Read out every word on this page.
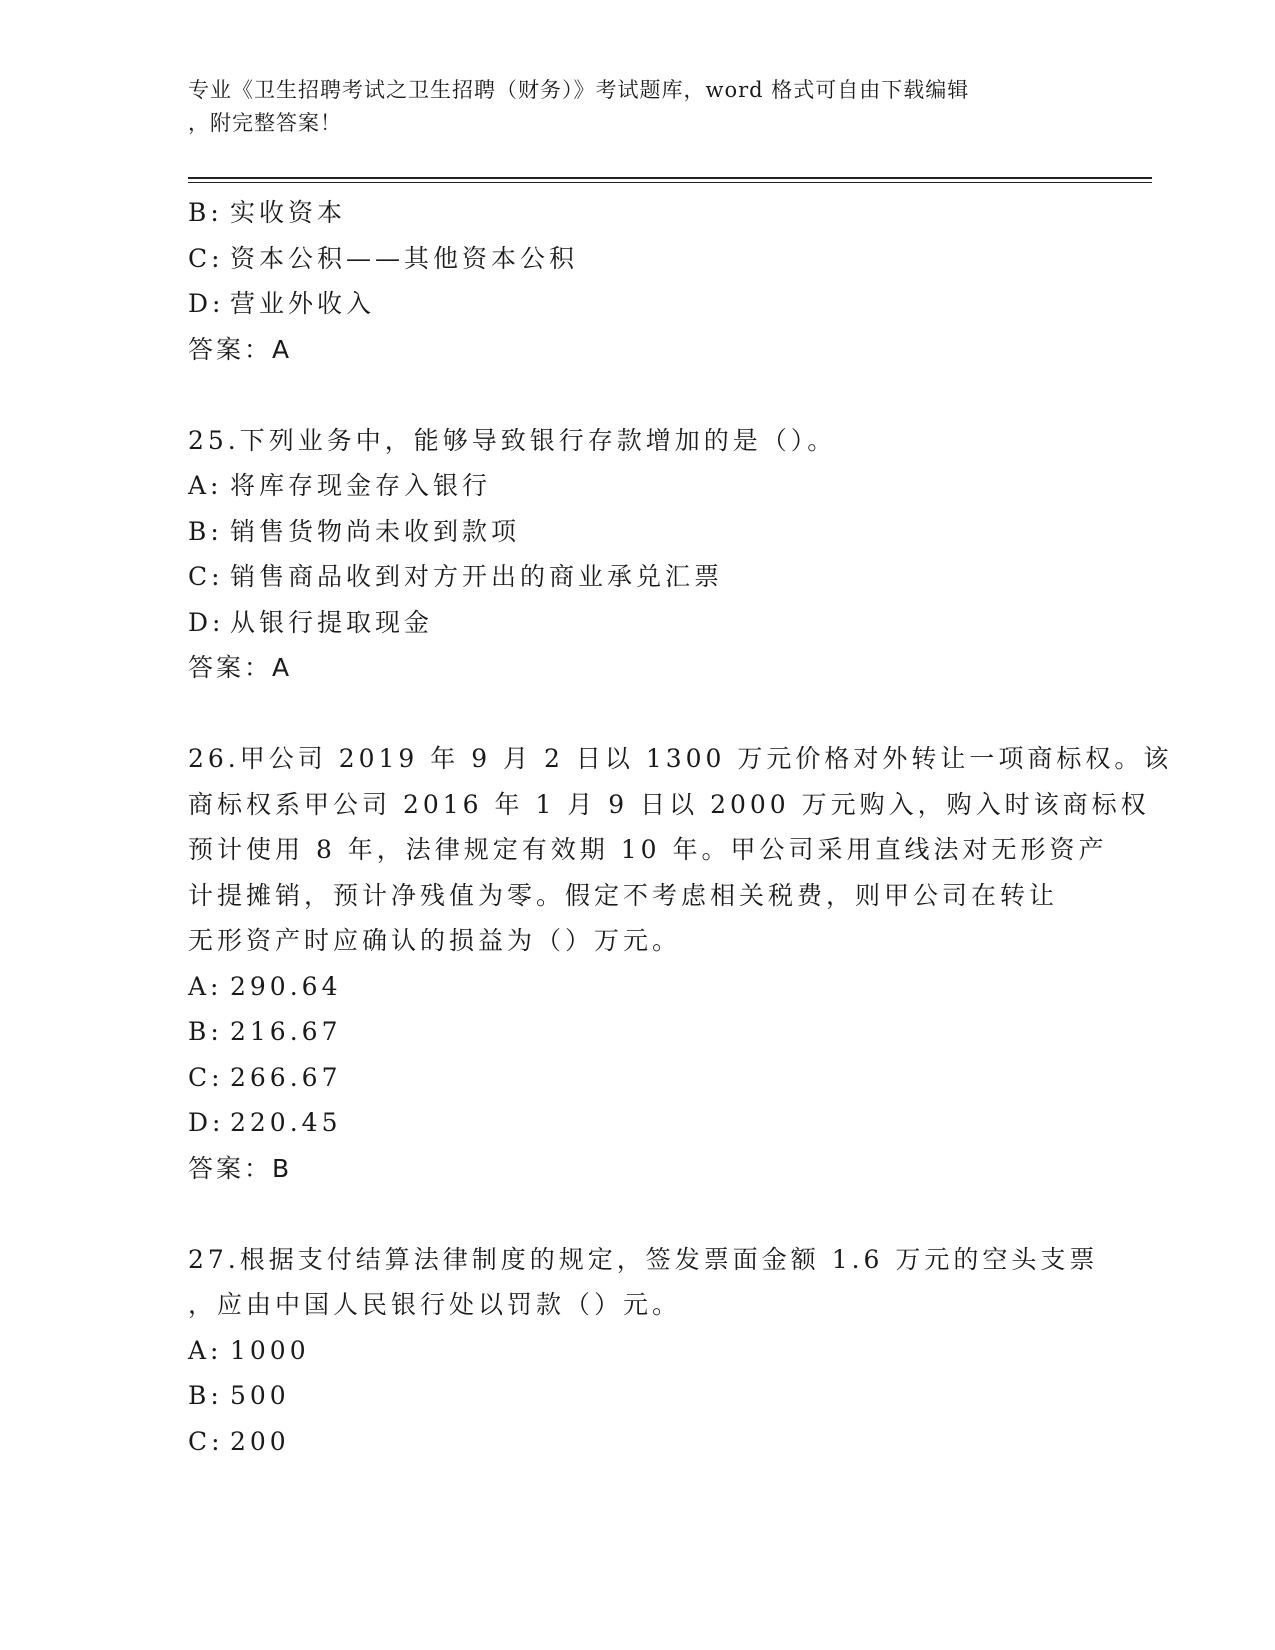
专业《卫生招聘考试之卫生招聘（财务）》考试题库，word 格式可自由下载编辑
，附完整答案！
B: 实收资本
C: 资本公积——其他资本公积
D: 营业外收入
答案：A
25.下列业务中，能够导致银行存款增加的是（）。
A: 将库存现金存入银行
B: 销售货物尚未收到款项
C: 销售商品收到对方开出的商业承兑汇票
D: 从银行提取现金
答案：A
26.甲公司 2019 年 9 月 2 日以 1300 万元价格对外转让一项商标权。该
商标权系甲公司 2016 年 1 月 9 日以 2000 万元购入，购入时该商标权
预计使用 8 年，法律规定有效期 10 年。甲公司采用直线法对无形资产
计提摊销，预计净残值为零。假定不考虑相关税费，则甲公司在转让
无形资产时应确认的损益为（）万元。
A: 290.64
B: 216.67
C: 266.67
D: 220.45
答案：B
27.根据支付结算法律制度的规定，签发票面金额 1.6 万元的空头支票
，应由中国人民银行处以罚款（）元。
A: 1000
B: 500
C: 200
